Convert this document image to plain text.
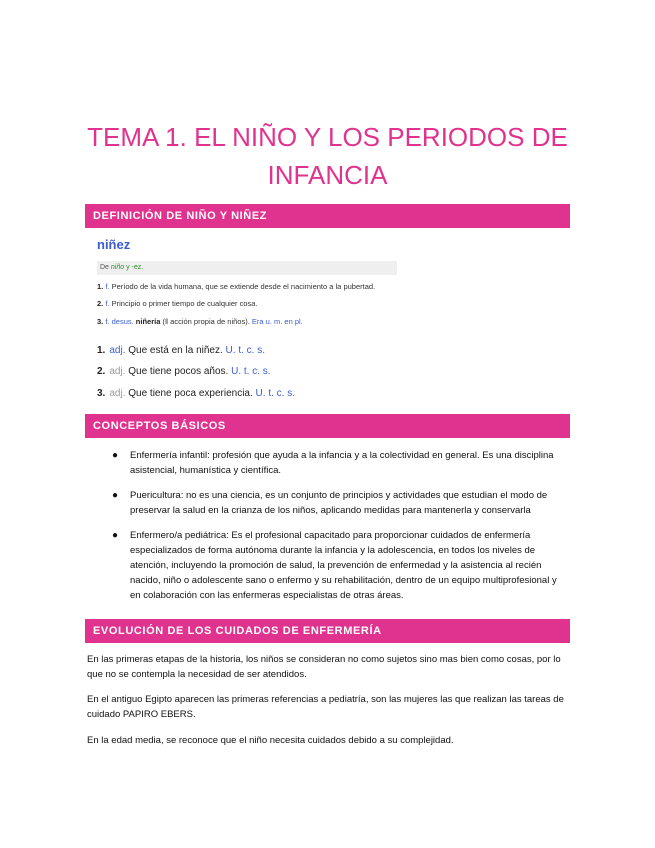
TEMA 1. EL NIÑO Y LOS PERIODOS DE INFANCIA
DEFINICIÓN DE NIÑO Y NIÑEZ
niñez
De niño y -ez.
1. f. Período de la vida humana, que se extiende desde el nacimiento a la pubertad.
2. f. Principio o primer tiempo de cualquier cosa.
3. f. desus. niñería (‖ acción propia de niños). Era u. m. en pl.
1. adj. Que está en la niñez. U. t. c. s.
2. adj. Que tiene pocos años. U. t. c. s.
3. adj. Que tiene poca experiencia. U. t. c. s.
CONCEPTOS BÁSICOS
● Enfermería infantil: profesión que ayuda a la infancia y a la colectividad en general. Es una disciplina asistencial, humanística y científica.
● Puericultura: no es una ciencia, es un conjunto de principios y actividades que estudian el modo de preservar la salud en la crianza de los niños, aplicando medidas para mantenerla y conservarla
● Enfermero/a pediátrica: Es el profesional capacitado para proporcionar cuidados de enfermería especializados de forma autónoma durante la infancia y la adolescencia, en todos los niveles de atención, incluyendo la promoción de salud, la prevención de enfermedad y la asistencia al recién nacido, niño o adolescente sano o enfermo y su rehabilitación, dentro de un equipo multiprofesional y en colaboración con las enfermeras especialistas de otras áreas.
EVOLUCIÓN DE LOS CUIDADOS DE ENFERMERÍA
En las primeras etapas de la historia, los niños se consideran no como sujetos sino mas bien como cosas, por lo que no se contempla la necesidad de ser atendidos.
En el antiguo Egipto aparecen las primeras referencias a pediatría, son las mujeres las que realizan las tareas de cuidado PAPIRO EBERS.
En la edad media, se reconoce que el niño necesita cuidados debido a su complejidad.
